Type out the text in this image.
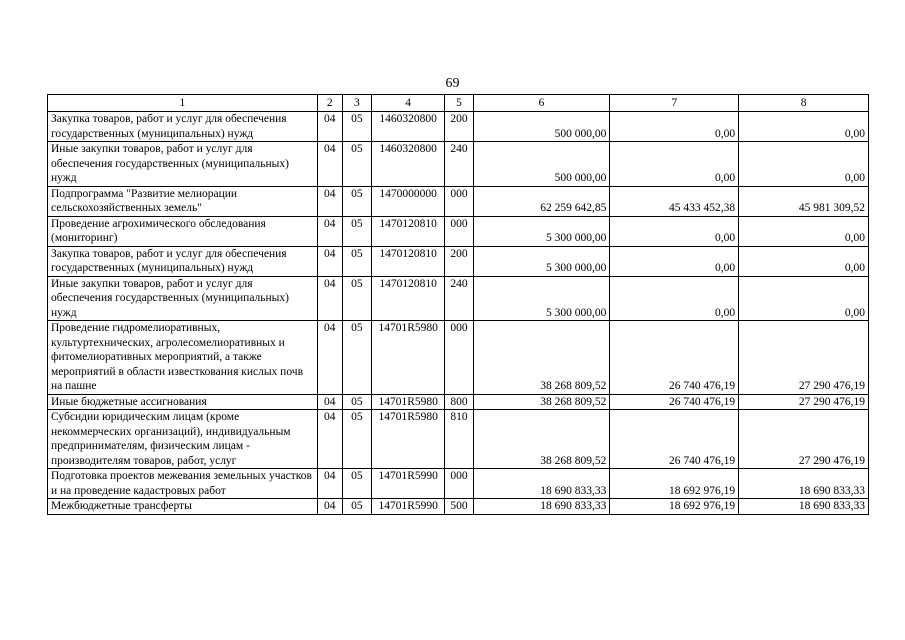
69
1	2	3	4	5	6	7	8
Закупка товаров, работ и услуг для обеспечения государственных (муниципальных) нужд	04	05	1460320800	200	500 000,00	0,00	0,00
Иные закупки товаров, работ и услуг для обеспечения государственных (муниципальных) нужд	04	05	1460320800	240	500 000,00	0,00	0,00
Подпрограмма "Развитие мелиорации сельскохозяйственных земель"	04	05	1470000000	000	62 259 642,85	45 433 452,38	45 981 309,52
Проведение агрохимического обследования (мониторинг)	04	05	1470120810	000	5 300 000,00	0,00	0,00
Закупка товаров, работ и услуг для обеспечения государственных (муниципальных) нужд	04	05	1470120810	200	5 300 000,00	0,00	0,00
Иные закупки товаров, работ и услуг для обеспечения государственных (муниципальных) нужд	04	05	1470120810	240	5 300 000,00	0,00	0,00
Проведение гидромелиоративных, культуртехнических, агролесомелиоративных и фитомелиоративных мероприятий, а также мероприятий в области известкования кислых почв на пашне	04	05	14701R5980	000	38 268 809,52	26 740 476,19	27 290 476,19
Иные бюджетные ассигнования	04	05	14701R5980	800	38 268 809,52	26 740 476,19	27 290 476,19
Субсидии юридическим лицам (кроме некоммерческих организаций), индивидуальным предпринимателям, физическим лицам - производителям товаров, работ, услуг	04	05	14701R5980	810	38 268 809,52	26 740 476,19	27 290 476,19
Подготовка проектов межевания земельных участков и на проведение кадастровых работ	04	05	14701R5990	000	18 690 833,33	18 692 976,19	18 690 833,33
Межбюджетные трансферты	04	05	14701R5990	500	18 690 833,33	18 692 976,19	18 690 833,33
